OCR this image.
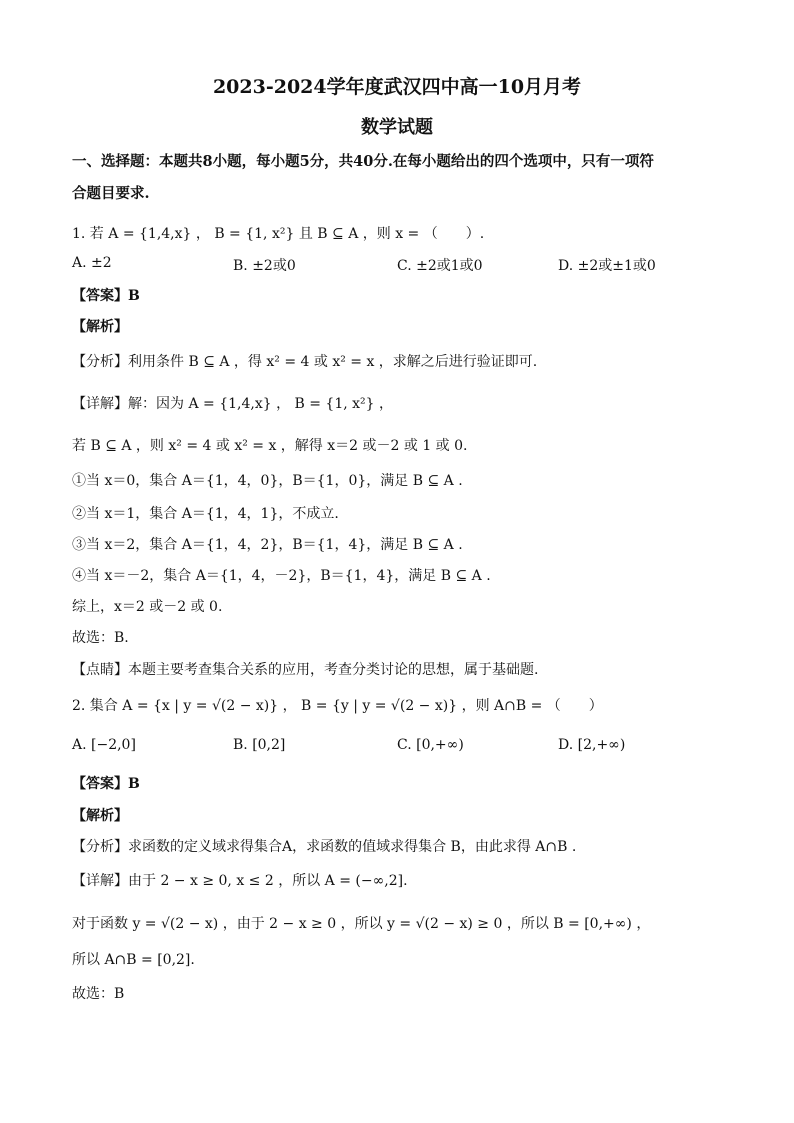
2023-2024学年度武汉四中高一10月月考
数学试题
一、选择题：本题共8小题，每小题5分，共40分.在每小题给出的四个选项中，只有一项符
合题目要求.
1. 若 A = {1,4,x} ， B = {1, x²} 且 B ⊆ A ，则 x = （　　）.
A. ±2	B. ±2或0	C. ±2或1或0	D. ±2或±1或0
【答案】B
【解析】
【分析】利用条件 B ⊆ A ，得 x² = 4 或 x² = x ，求解之后进行验证即可.
【详解】解：因为 A = {1,4,x} ， B = {1, x²} ，
若 B ⊆ A ，则 x² = 4 或 x² = x ，解得 x＝2 或－2 或 1 或 0.
①当 x＝0，集合 A＝{1，4，0}，B＝{1，0}，满足 B ⊆ A .
②当 x＝1，集合 A＝{1，4，1}，不成立.
③当 x＝2，集合 A＝{1，4，2}，B＝{1，4}，满足 B ⊆ A .
④当 x＝－2，集合 A＝{1，4，－2}，B＝{1，4}，满足 B ⊆ A .
综上，x＝2 或－2 或 0.
故选：B.
【点睛】本题主要考查集合关系的应用，考查分类讨论的思想，属于基础题.
2. 集合 A = {x | y = √(2 − x)} ， B = {y | y = √(2 − x)} ，则 A∩B = （　　）
A. [−2,0]	B. [0,2]	C. [0,+∞)	D. [2,+∞)
【答案】B
【解析】
【分析】求函数的定义域求得集合A，求函数的值域求得集合 B，由此求得 A∩B .
【详解】由于 2 − x ≥ 0, x ≤ 2 ，所以 A = (−∞,2].
对于函数 y = √(2 − x) ，由于 2 − x ≥ 0 ，所以 y = √(2 − x) ≥ 0 ，所以 B = [0,+∞) ，
所以 A∩B = [0,2].
故选：B
